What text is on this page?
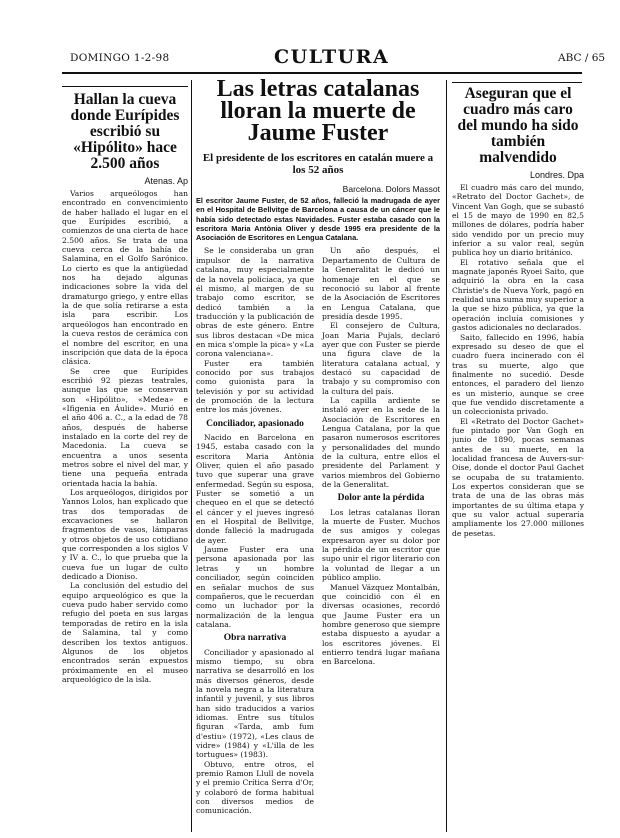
DOMINGO 1-2-98	CULTURA	ABC / 65
Hallan la cueva donde Eurípides escribió su «Hipólito» hace 2.500 años
Atenas. Ap

Varios arqueólogos han encontrado en convencimiento de haber hallado el lugar en el que Eurípides escribió, a comienzos de una cierta de hace 2.500 años. Se trata de una cueva cerca de la bahía de Salamina, en el Golfo Sarónico. Lo cierto es que la antigüedad nos ha dejado algunas indicaciones sobre la vida del dramaturgo griego, y entre ellas la de que solía retirarse a esta isla para escribir. Los arqueólogos han encontrado en la cueva restos de cerámica con el nombre del escritor, en una inscripción que data de la época clásica.

Se cree que Eurípides escribió 92 piezas teatrales, aunque las que se conservan son «Hipólito», «Medea» e «Ifigenia en Áulide». Murió en el año 406 a. C., a la edad de 78 años, después de haberse instalado en la corte del rey de Macedonia. La cueva se encuentra a unos sesenta metros sobre el nivel del mar, y tiene una pequeña entrada orientada hacia la bahía.

Los arqueólogos, dirigidos por Yannos Lolos, han explicado que tras dos temporadas de excavaciones se hallaron fragmentos de vasos, lámparas y otros objetos de uso cotidiano que corresponden a los siglos V y IV a. C., lo que prueba que la cueva fue un lugar de culto dedicado a Dioniso.

La conclusión del estudio del equipo arqueológico es que la cueva pudo haber servido como refugio del poeta en sus largas temporadas de retiro en la isla de Salamina, tal y como describen los textos antiguos. Algunos de los objetos encontrados serán expuestos próximamente en el museo arqueológico de la isla.

Las letras catalanas lloran la muerte de Jaume Fuster
El presidente de los escritores en catalán muere a los 52 años
Barcelona. Dolors Massot
El escritor Jaume Fuster, de 52 años, falleció la madrugada de ayer en el Hospital de Bellvitge de Barcelona a causa de un cáncer que le había sido detectado estas Navidades. Fuster estaba casado con la escritora Maria Antònia Oliver y desde 1995 era presidente de la Asociación de Escritores en Lengua Catalana.

Se le consideraba un gran impulsor de la narrativa catalana, muy especialmente de la novela policíaca, ya que él mismo, al margen de su trabajo como escritor, se dedicó también a la traducción y la publicación de obras de este género. Entre sus libros destacan «De mica en mica s'omple la pica» y «La corona valenciana».

Fuster era también conocido por sus trabajos como guionista para la televisión y por su actividad de promoción de la lectura entre los más jóvenes.

Conciliador, apasionado

Nacido en Barcelona en 1945, estaba casado con la escritora Maria Antònia Oliver, quien el año pasado tuvo que superar una grave enfermedad. Según su esposa, Fuster se sometió a un chequeo en el que se detectó el cáncer y el jueves ingresó en el Hospital de Bellvitge, donde falleció la madrugada de ayer.

Jaume Fuster era una persona apasionada por las letras y un hombre conciliador, según coinciden en señalar muchos de sus compañeros, que le recuerdan como un luchador por la normalización de la lengua catalana.

Obra narrativa

Conciliador y apasionado al mismo tiempo, su obra narrativa se desarrolló en los más diversos géneros, desde la novela negra a la literatura infantil y juvenil, y sus libros han sido traducidos a varios idiomas. Entre sus títulos figuran «Tarda, amb fum d'estiu» (1972), «Les claus de vidre» (1984) y «L'illa de les tortugues» (1983).

Obtuvo, entre otros, el premio Ramon Llull de novela y el premio Crítica Serra d'Or, y colaboró de forma habitual con diversos medios de comunicación.

Un año después, el Departamento de Cultura de la Generalitat le dedicó un homenaje en el que se reconoció su labor al frente de la Asociación de Escritores en Lengua Catalana, que presidía desde 1995.

El consejero de Cultura, Joan Maria Pujals, declaró ayer que con Fuster se pierde una figura clave de la literatura catalana actual, y destacó su capacidad de trabajo y su compromiso con la cultura del país.

La capilla ardiente se instaló ayer en la sede de la Asociación de Escritores en Lengua Catalana, por la que pasaron numerosos escritores y personalidades del mundo de la cultura, entre ellos el presidente del Parlament y varios miembros del Gobierno de la Generalitat.

Dolor ante la pérdida

Los letras catalanas lloran la muerte de Fuster. Muchos de sus amigos y colegas expresaron ayer su dolor por la pérdida de un escritor que supo unir el rigor literario con la voluntad de llegar a un público amplio.

Manuel Vázquez Montalbán, que coincidió con él en diversas ocasiones, recordó que Jaume Fuster era un hombre generoso que siempre estaba dispuesto a ayudar a los escritores jóvenes. El entierro tendrá lugar mañana en Barcelona.

Aseguran que el cuadro más caro del mundo ha sido también malvendido
Londres. Dpa

El cuadro más caro del mundo, «Retrato del Doctor Gachet», de Vincent Van Gogh, que se subastó el 15 de mayo de 1990 en 82,5 millones de dólares, podría haber sido vendido por un precio muy inferior a su valor real, según publica hoy un diario británico.

El rotativo señala que el magnate japonés Ryoei Saito, que adquirió la obra en la casa Christie's de Nueva York, pagó en realidad una suma muy superior a la que se hizo pública, ya que la operación incluía comisiones y gastos adicionales no declarados.

Saito, fallecido en 1996, había expresado su deseo de que el cuadro fuera incinerado con él tras su muerte, algo que finalmente no sucedió. Desde entonces, el paradero del lienzo es un misterio, aunque se cree que fue vendido discretamente a un coleccionista privado.

El «Retrato del Doctor Gachet» fue pintado por Van Gogh en junio de 1890, pocas semanas antes de su muerte, en la localidad francesa de Auvers-sur-Oise, donde el doctor Paul Gachet se ocupaba de su tratamiento. Los expertos consideran que se trata de una de las obras más importantes de su última etapa y que su valor actual superaría ampliamente los 27.000 millones de pesetas.
